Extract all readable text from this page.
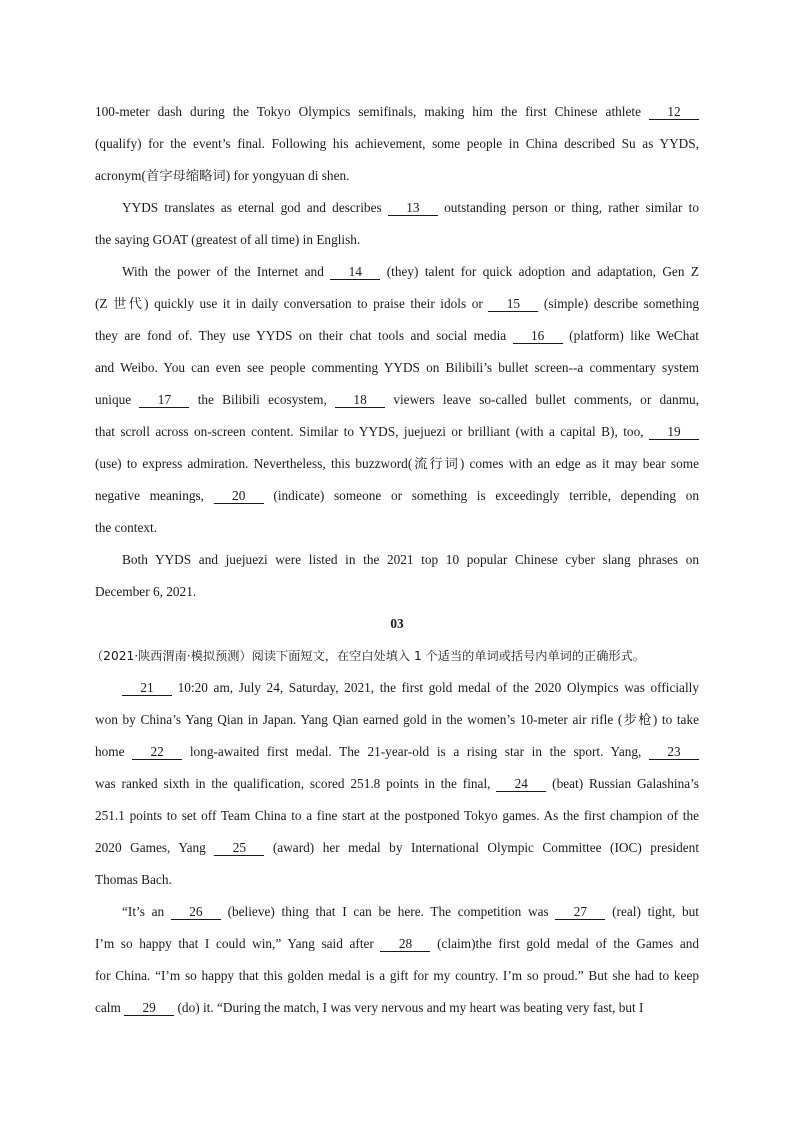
100-meter dash during the Tokyo Olympics semifinals, making him the first Chinese athlete 12
(qualify) for the event’s final. Following his achievement, some people in China described Su as YYDS,
acronym(首字母缩略词) for yongyuan di shen.
YYDS translates as eternal god and describes 13 outstanding person or thing, rather similar to
the saying GOAT (greatest of all time) in English.
With the power of the Internet and 14 (they) talent for quick adoption and adaptation, Gen Z
(Z 世代) quickly use it in daily conversation to praise their idols or 15 (simple) describe something
they are fond of. They use YYDS on their chat tools and social media 16 (platform) like WeChat
and Weibo. You can even see people commenting YYDS on Bilibili’s bullet screen--a commentary system
unique 17 the Bilibili ecosystem, 18 viewers leave so-called bullet comments, or danmu,
that scroll across on-screen content. Similar to YYDS, juejuezi or brilliant (with a capital B), too, 19
(use) to express admiration. Nevertheless, this buzzword(流行词) comes with an edge as it may bear some
negative meanings, 20 (indicate) someone or something is exceedingly terrible, depending on
the context.
Both YYDS and juejuezi were listed in the 2021 top 10 popular Chinese cyber slang phrases on
December 6, 2021.
03
（2021·陕西渭南·模拟预测）阅读下面短文，在空白处填入 1 个适当的单词或括号内单词的正确形式。
21 10:20 am, July 24, Saturday, 2021, the first gold medal of the 2020 Olympics was officially
won by China’s Yang Qian in Japan. Yang Qian earned gold in the women’s 10-meter air rifle (步枪) to take
home 22 long-awaited first medal. The 21-year-old is a rising star in the sport. Yang, 23
was ranked sixth in the qualification, scored 251.8 points in the final, 24 (beat) Russian Galashina’s
251.1 points to set off Team China to a fine start at the postponed Tokyo games. As the first champion of the
2020 Games, Yang 25 (award) her medal by International Olympic Committee (IOC) president
Thomas Bach.
“It’s an 26 (believe) thing that I can be here. The competition was 27 (real) tight, but
I’m so happy that I could win,” Yang said after 28 (claim)the first gold medal of the Games and
for China. “I’m so happy that this golden medal is a gift for my country. I’m so proud.” But she had to keep
calm 29 (do) it. “During the match, I was very nervous and my heart was beating very fast, but I
